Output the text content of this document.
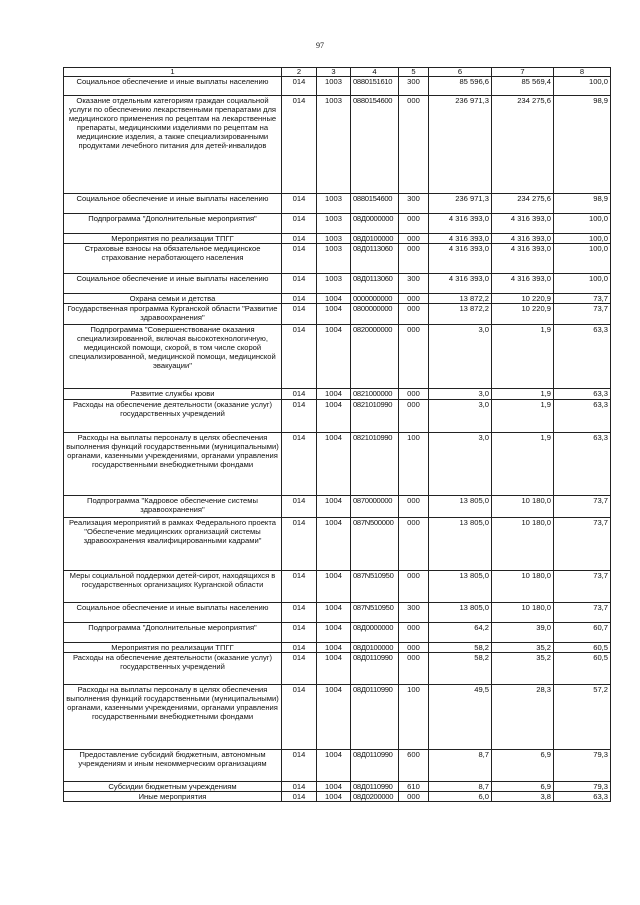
97
1	2	3	4	5	6	7	8
Социальное обеспечение и иные выплаты населению	014	1003	0880151610	300	85 596,6	85 569,4	100,0
Оказание отдельным категориям граждан социальной услуги по обеспечению лекарственными препаратами для медицинского применения по рецептам на лекарственные препараты, медицинскими изделиями по рецептам на медицинские изделия, а также специализированными продуктами лечебного питания для детей-инвалидов	014	1003	0880154600	000	236 971,3	234 275,6	98,9
Социальное обеспечение и иные выплаты населению	014	1003	0880154600	300	236 971,3	234 275,6	98,9
Подпрограмма "Дополнительные мероприятия"	014	1003	08Д0000000	000	4 316 393,0	4 316 393,0	100,0
Мероприятия по реализации ТПГГ	014	1003	08Д0100000	000	4 316 393,0	4 316 393,0	100,0
Страховые взносы на обязательное медицинское страхование неработающего населения	014	1003	08Д0113060	000	4 316 393,0	4 316 393,0	100,0
Социальное обеспечение и иные выплаты населению	014	1003	08Д0113060	300	4 316 393,0	4 316 393,0	100,0
Охрана семьи и детства	014	1004	0000000000	000	13 872,2	10 220,9	73,7
Государственная программа Курганской области "Развитие здравоохранения"	014	1004	0800000000	000	13 872,2	10 220,9	73,7
Подпрограмма "Совершенствование оказания специализированной, включая высокотехнологичную, медицинской помощи, скорой, в том числе скорой специализированной, медицинской помощи, медицинской эвакуации"	014	1004	0820000000	000	3,0	1,9	63,3
Развитие службы крови	014	1004	0821000000	000	3,0	1,9	63,3
Расходы на обеспечение деятельности (оказание услуг) государственных учреждений	014	1004	0821010990	000	3,0	1,9	63,3
Расходы на выплаты персоналу в целях обеспечения выполнения функций государственными (муниципальными) органами, казенными учреждениями, органами управления государственными внебюджетными фондами	014	1004	0821010990	100	3,0	1,9	63,3
Подпрограмма "Кадровое обеспечение системы здравоохранения"	014	1004	0870000000	000	13 805,0	10 180,0	73,7
Реализация мероприятий в рамках Федерального проекта "Обеспечение медицинских организаций системы здравоохранения квалифицированными кадрами"	014	1004	087N500000	000	13 805,0	10 180,0	73,7
Меры социальной поддержки детей-сирот, находящихся в государственных организациях Курганской области	014	1004	087N510950	000	13 805,0	10 180,0	73,7
Социальное обеспечение и иные выплаты населению	014	1004	087N510950	300	13 805,0	10 180,0	73,7
Подпрограмма "Дополнительные мероприятия"	014	1004	08Д0000000	000	64,2	39,0	60,7
Мероприятия по реализации ТПГГ	014	1004	08Д0100000	000	58,2	35,2	60,5
Расходы на обеспечение деятельности (оказание услуг) государственных учреждений	014	1004	08Д0110990	000	58,2	35,2	60,5
Расходы на выплаты персоналу в целях обеспечения выполнения функций государственными (муниципальными) органами, казенными учреждениями, органами управления государственными внебюджетными фондами	014	1004	08Д0110990	100	49,5	28,3	57,2
Предоставление субсидий бюджетным, автономным учреждениям и иным некоммерческим организациям	014	1004	08Д0110990	600	8,7	6,9	79,3
Субсидии бюджетным учреждениям	014	1004	08Д0110990	610	8,7	6,9	79,3
Иные мероприятия	014	1004	08Д0200000	000	6,0	3,8	63,3
